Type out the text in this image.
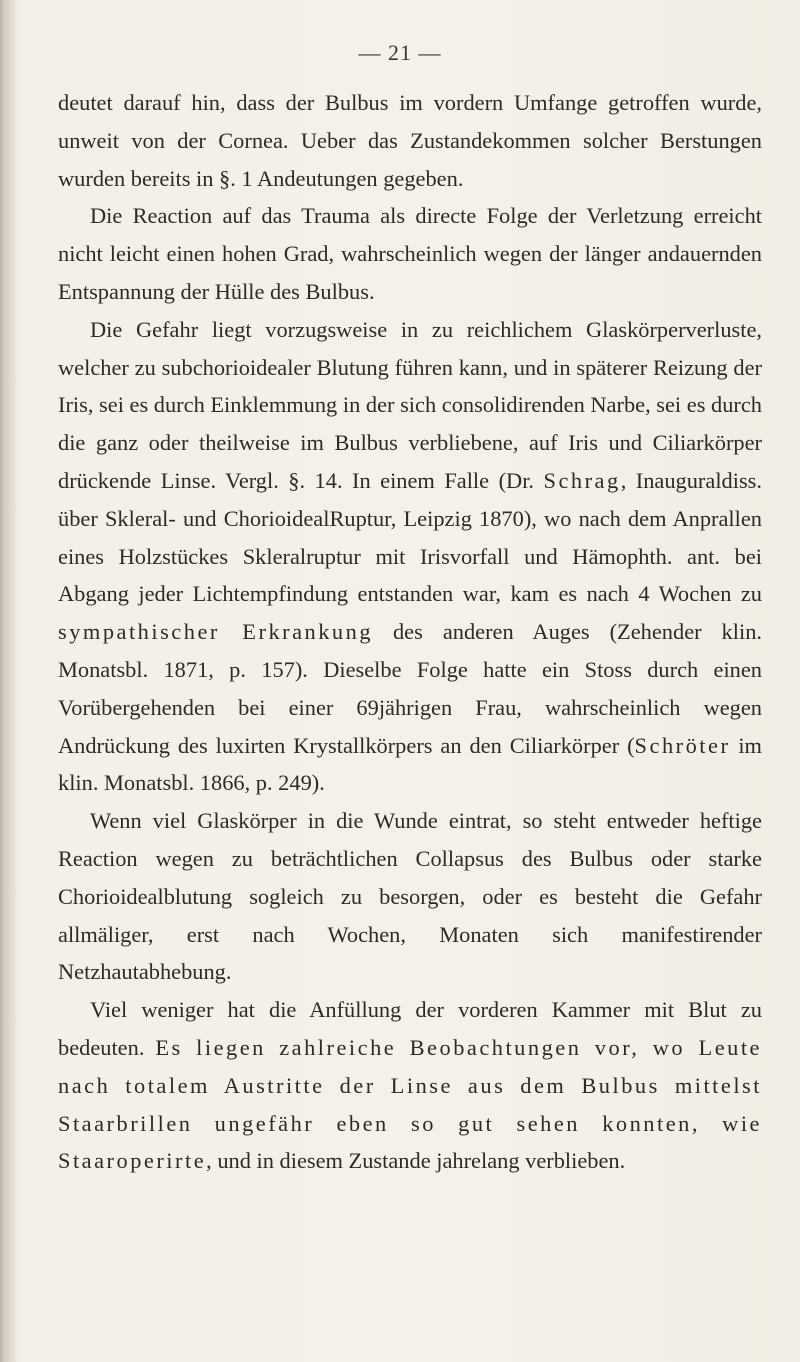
— 21 —

deutet darauf hin, dass der Bulbus im vordern Umfange getroffen wurde, unweit von der Cornea. Ueber das Zustandekommen solcher Berstungen wurden bereits in §. 1 Andeutungen gegeben.

Die Reaction auf das Trauma als directe Folge der Verletzung erreicht nicht leicht einen hohen Grad, wahrscheinlich wegen der länger andauernden Entspannung der Hülle des Bulbus.

Die Gefahr liegt vorzugsweise in zu reichlichem Glaskörperverluste, welcher zu subchorioidealer Blutung führen kann, und in späterer Reizung der Iris, sei es durch Einklemmung in der sich consolidirenden Narbe, sei es durch die ganz oder theilweise im Bulbus verbliebene, auf Iris und Ciliarkörper drückende Linse. Vergl. §. 14. In einem Falle (Dr. Schrag, Inauguraldiss. über Skleral- und ChorioidealRuptur, Leipzig 1870), wo nach dem Anprallen eines Holzstückes Skleralruptur mit Irisvorfall und Hämophth. ant. bei Abgang jeder Lichtempfindung entstanden war, kam es nach 4 Wochen zu sympathischer Erkrankung des anderen Auges (Zehender klin. Monatsbl. 1871, p. 157). Dieselbe Folge hatte ein Stoss durch einen Vorübergehenden bei einer 69jährigen Frau, wahrscheinlich wegen Andrückung des luxirten Krystallkörpers an den Ciliarkörper (Schröter im klin. Monatsbl. 1866, p. 249).

Wenn viel Glaskörper in die Wunde eintrat, so steht entweder heftige Reaction wegen zu beträchtlichen Collapsus des Bulbus oder starke Chorioidealblutung sogleich zu besorgen, oder es besteht die Gefahr allmäliger, erst nach Wochen, Monaten sich manifestirender Netzhautabhebung.

Viel weniger hat die Anfüllung der vorderen Kammer mit Blut zu bedeuten. Es liegen zahlreiche Beobachtungen vor, wo Leute nach totalem Austritte der Linse aus dem Bulbus mittelst Staarbrillen ungefähr eben so gut sehen konnten, wie Staaroperirte, und in diesem Zustande jahrelang verblieben.
